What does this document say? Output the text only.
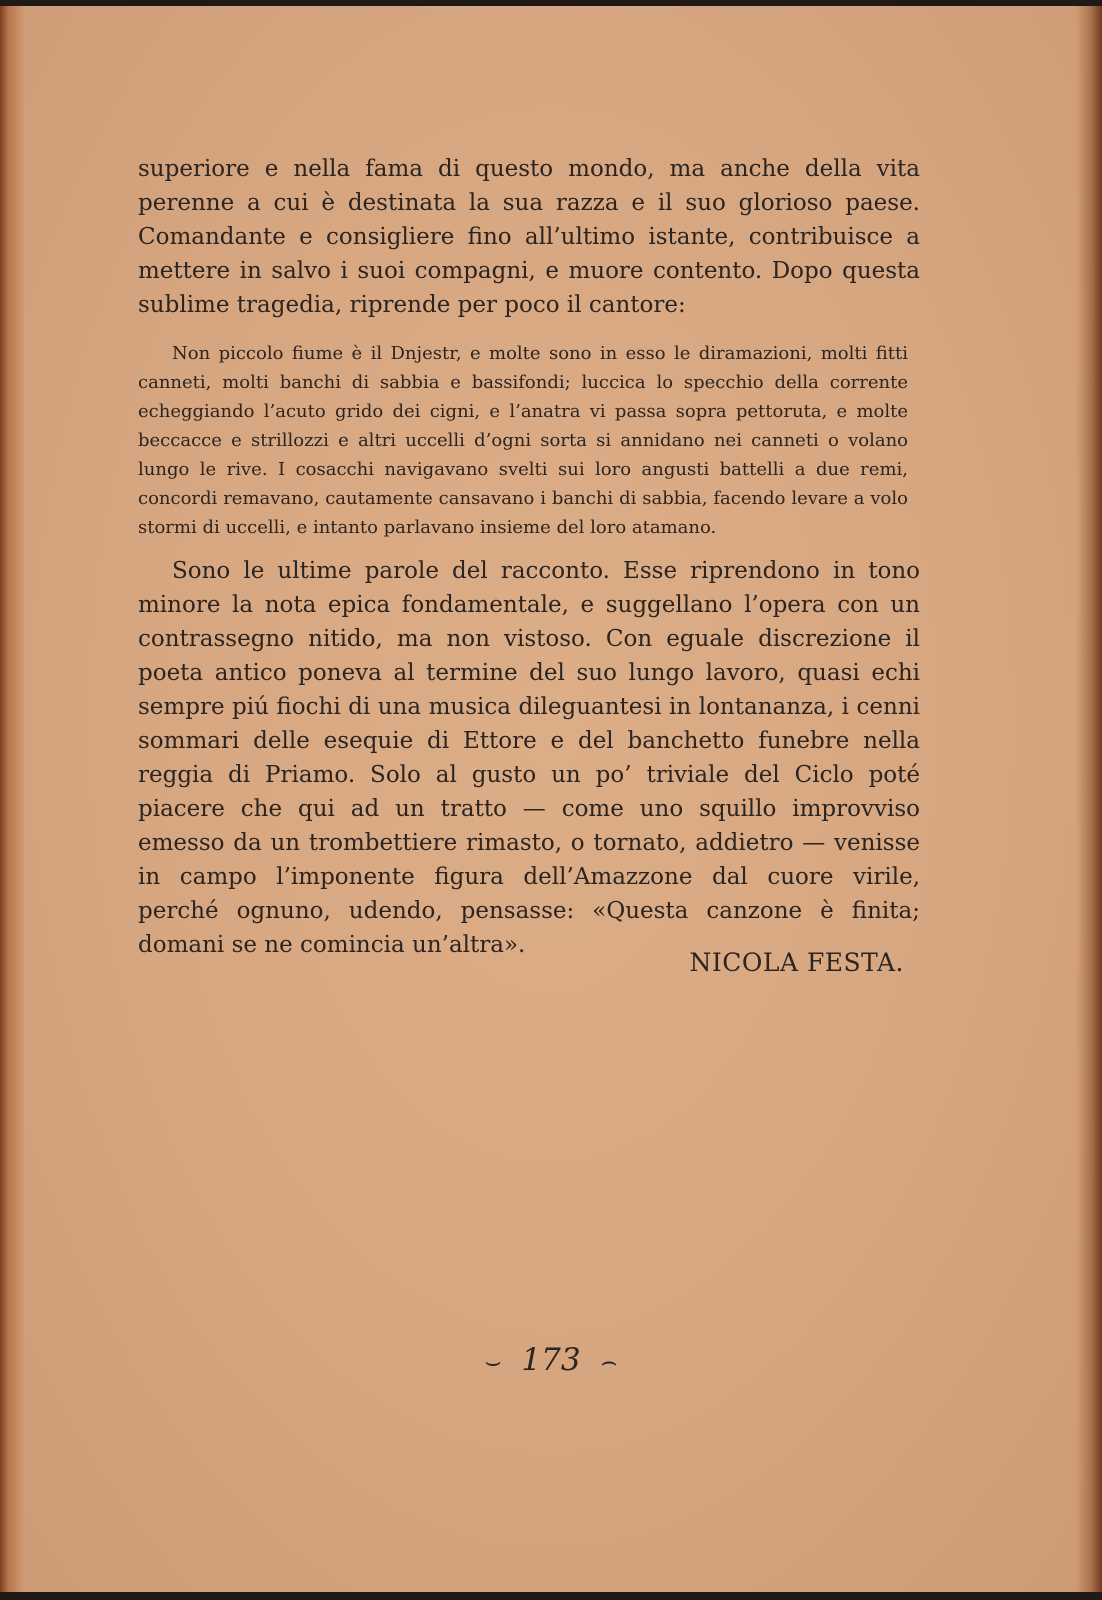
superiore e nella fama di questo mondo, ma anche della vita perenne a cui è destinata la sua razza e il suo glorioso paese. Comandante e consigliere fino all’ultimo istante, contribuisce a mettere in salvo i suoi compagni, e muore contento. Dopo questa sublime tragedia, riprende per poco il cantore:
Non piccolo fiume è il Dnjestr, e molte sono in esso le diramazioni, molti fitti canneti, molti banchi di sabbia e bassifondi; luccica lo specchio della corrente echeggiando l’acuto grido dei cigni, e l’anatra vi passa sopra pettoruta, e molte beccacce e strillozzi e altri uccelli d’ogni sorta si annidano nei canneti o volano lungo le rive. I cosacchi navigavano svelti sui loro angusti battelli a due remi, concordi remavano, cautamente cansavano i banchi di sabbia, facendo levare a volo stormi di uccelli, e intanto parlavano insieme del loro atamano.
Sono le ultime parole del racconto. Esse riprendono in tono minore la nota epica fondamentale, e suggellano l’opera con un contrassegno nitido, ma non vistoso. Con eguale discrezione il poeta antico poneva al termine del suo lungo lavoro, quasi echi sempre piú fiochi di una musica dileguantesi in lontananza, i cenni sommari delle esequie di Ettore e del banchetto funebre nella reggia di Priamo. Solo al gusto un po’ triviale del Ciclo poté piacere che qui ad un tratto — come uno squillo improvviso emesso da un trombettiere rimasto, o tornato, addietro — venisse in campo l’imponente figura dell’Amazzone dal cuore virile, perché ognuno, udendo, pensasse: «Questa canzone è finita; domani se ne comincia un’altra».
NICOLA FESTA.
⌣ 173 ⌢
